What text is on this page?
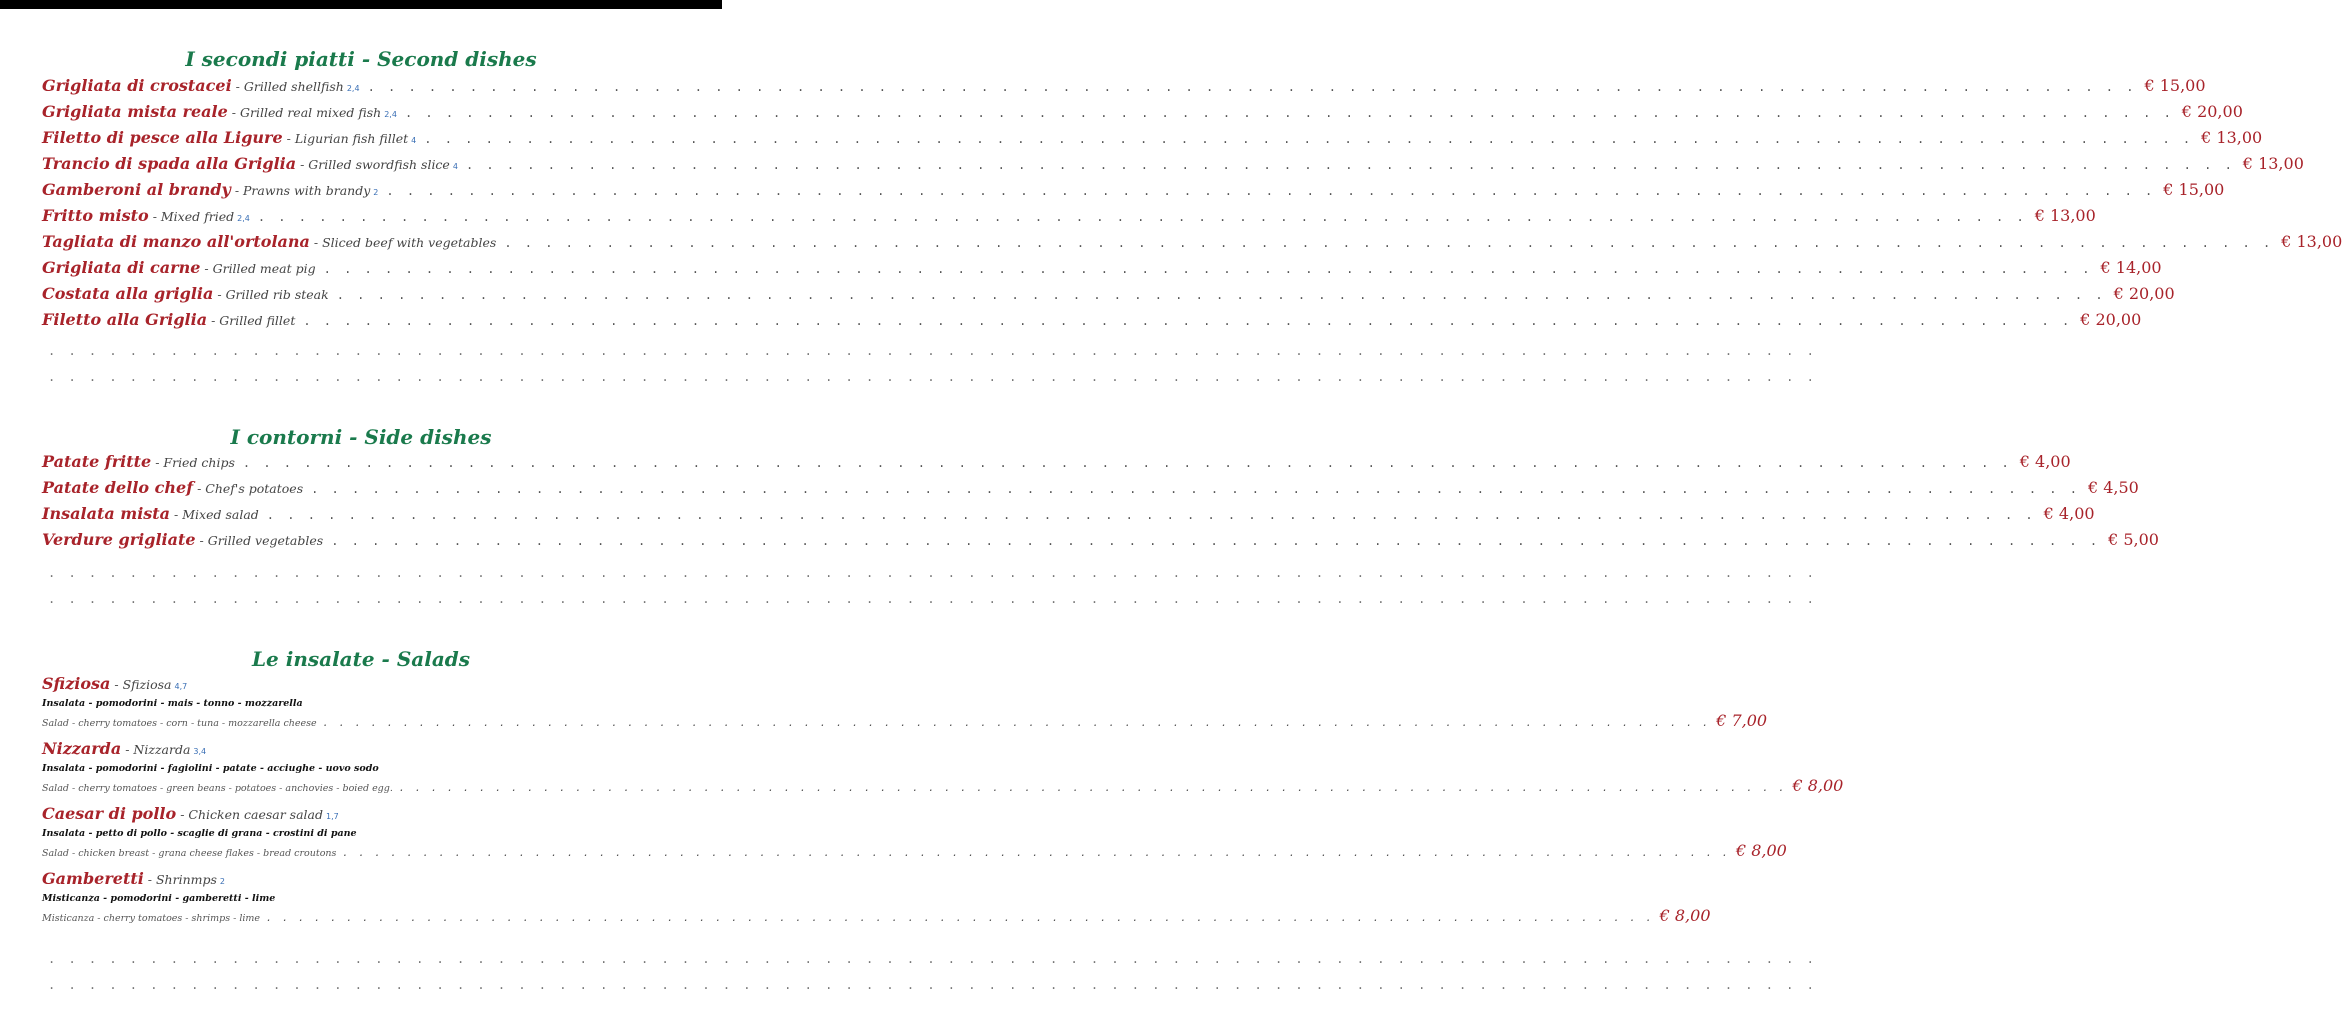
I secondi piatti - Second dishes
Grigliata di crostacei - Grilled shellfish 2,4 . . . . . . . . . . . . . . . . . . . . . . . . . . . . . . . . . . . . . . . . . . . . . . . . . . . . . . . . . . . . . . . . . . . . . . . . . . . . . . . . . . . . . . . € 15,00
Grigliata mista reale - Grilled real mixed fish 2,4 . . . . . . . . . . . . . . . . . . . . . . . . . . . . . . . . . . . . . . . . . . . . . . . . . . . . . . . . . . . . . . . . . . . . . . . . . . . . . . . . . . . . . . . € 20,00
Filetto di pesce alla Ligure - Ligurian fish fillet 4 . . . . . . . . . . . . . . . . . . . . . . . . . . . . . . . . . . . . . . . . . . . . . . . . . . . . . . . . . . . . . . . . . . . . . . . . . . . . . . . . . . . . . . . € 13,00
Trancio di spada alla Griglia - Grilled swordfish slice 4 . . . . . . . . . . . . . . . . . . . . . . . . . . . . . . . . . . . . . . . . . . . . . . . . . . . . . . . . . . . . . . . . . . . . . . . . . . . . . . . . . . . . . . . € 13,00
Gamberoni al brandy - Prawns with brandy 2 . . . . . . . . . . . . . . . . . . . . . . . . . . . . . . . . . . . . . . . . . . . . . . . . . . . . . . . . . . . . . . . . . . . . . . . . . . . . . . . . . . . . . . . € 15,00
Fritto misto - Mixed fried 2,4 . . . . . . . . . . . . . . . . . . . . . . . . . . . . . . . . . . . . . . . . . . . . . . . . . . . . . . . . . . . . . . . . . . . . . . . . . . . . . . . . . . . . . . . € 13,00
Tagliata di manzo all'ortolana - Sliced beef with vegetables . . . . . . . . . . . . . . . . . . . . . . . . . . . . . . . . . . . . . . . . . . . . . . . . . . . . . . . . . . . . . . . . . . . . . . . . . . . . . . . . . . . . . . . € 13,00
Grigliata di carne - Grilled meat pig . . . . . . . . . . . . . . . . . . . . . . . . . . . . . . . . . . . . . . . . . . . . . . . . . . . . . . . . . . . . . . . . . . . . . . . . . . . . . . . . . . . . . . . € 14,00
Costata alla griglia - Grilled rib steak . . . . . . . . . . . . . . . . . . . . . . . . . . . . . . . . . . . . . . . . . . . . . . . . . . . . . . . . . . . . . . . . . . . . . . . . . . . . . . . . . . . . . . . € 20,00
Filetto alla Griglia - Grilled fillet . . . . . . . . . . . . . . . . . . . . . . . . . . . . . . . . . . . . . . . . . . . . . . . . . . . . . . . . . . . . . . . . . . . . . . . . . . . . . . . . . . . . . . . € 20,00
. . . . . . . . . . . . . . . . . . . . . . . . . . . . . . . . . . . . . . . . . . . . . . . . . . . . . . . . . . . . . . . . . . . . . . . . . . . . . . . . . . . . . . .
. . . . . . . . . . . . . . . . . . . . . . . . . . . . . . . . . . . . . . . . . . . . . . . . . . . . . . . . . . . . . . . . . . . . . . . . . . . . . . . . . . . . . . .
I contorni - Side dishes
Patate fritte - Fried chips . . . . . . . . . . . . . . . . . . . . . . . . . . . . . . . . . . . . . . . . . . . . . . . . . . . . . . . . . . . . . . . . . . . . . . . . . . . . . . . . . . . . . . . € 4,00
Patate dello chef - Chef's potatoes . . . . . . . . . . . . . . . . . . . . . . . . . . . . . . . . . . . . . . . . . . . . . . . . . . . . . . . . . . . . . . . . . . . . . . . . . . . . . . . . . . . . . . . € 4,50
Insalata mista - Mixed salad . . . . . . . . . . . . . . . . . . . . . . . . . . . . . . . . . . . . . . . . . . . . . . . . . . . . . . . . . . . . . . . . . . . . . . . . . . . . . . . . . . . . . . . € 4,00
Verdure grigliate - Grilled vegetables . . . . . . . . . . . . . . . . . . . . . . . . . . . . . . . . . . . . . . . . . . . . . . . . . . . . . . . . . . . . . . . . . . . . . . . . . . . . . . . . . . . . . . . € 5,00
. . . . . . . . . . . . . . . . . . . . . . . . . . . . . . . . . . . . . . . . . . . . . . . . . . . . . . . . . . . . . . . . . . . . . . . . . . . . . . . . . . . . . . .
. . . . . . . . . . . . . . . . . . . . . . . . . . . . . . . . . . . . . . . . . . . . . . . . . . . . . . . . . . . . . . . . . . . . . . . . . . . . . . . . . . . . . . .
Le insalate - Salads
Sfiziosa - Sfiziosa 4,7
Insalata - pomodorini - mais - tonno - mozzarella
Salad - cherry tomatoes - corn - tuna - mozzarella cheese . . . . . . . . . . . . . . . . . . . . . . . . . . . . . . . . . . . . . . . . . . . . . . . . . . . . . . . . . . . . . . . . . . . . . . . . . . . . . . . . . . . . . . . € 7,00
Nizzarda - Nizzarda 3,4
Insalata - pomodorini - fagiolini - patate - acciughe - uovo sodo
Salad - cherry tomatoes - green beans - potatoes - anchovies - boied egg. . . . . . . . . . . . . . . . . . . . . . . . . . . . . . . . . . . . . . . . . . . . . . . . . . . . . . . . . . . . . . . . . . . . . . . . . . . . . . . . . . . . . . . . € 8,00
Caesar di pollo - Chicken caesar salad 1,7
Insalata - petto di pollo - scaglie di grana - crostini di pane
Salad - chicken breast - grana cheese flakes - bread croutons . . . . . . . . . . . . . . . . . . . . . . . . . . . . . . . . . . . . . . . . . . . . . . . . . . . . . . . . . . . . . . . . . . . . . . . . . . . . . . . . . . . . . . . € 8,00
Gamberetti - Shrinmps 2
Misticanza - pomodorini - gamberetti - lime
Misticanza - cherry tomatoes - shrimps - lime . . . . . . . . . . . . . . . . . . . . . . . . . . . . . . . . . . . . . . . . . . . . . . . . . . . . . . . . . . . . . . . . . . . . . . . . . . . . . . . . . . . . . . . € 8,00
. . . . . . . . . . . . . . . . . . . . . . . . . . . . . . . . . . . . . . . . . . . . . . . . . . . . . . . . . . . . . . . . . . . . . . . . . . . . . . . . . . . . . . .
. . . . . . . . . . . . . . . . . . . . . . . . . . . . . . . . . . . . . . . . . . . . . . . . . . . . . . . . . . . . . . . . . . . . . . . . . . . . . . . . . . . . . . .
